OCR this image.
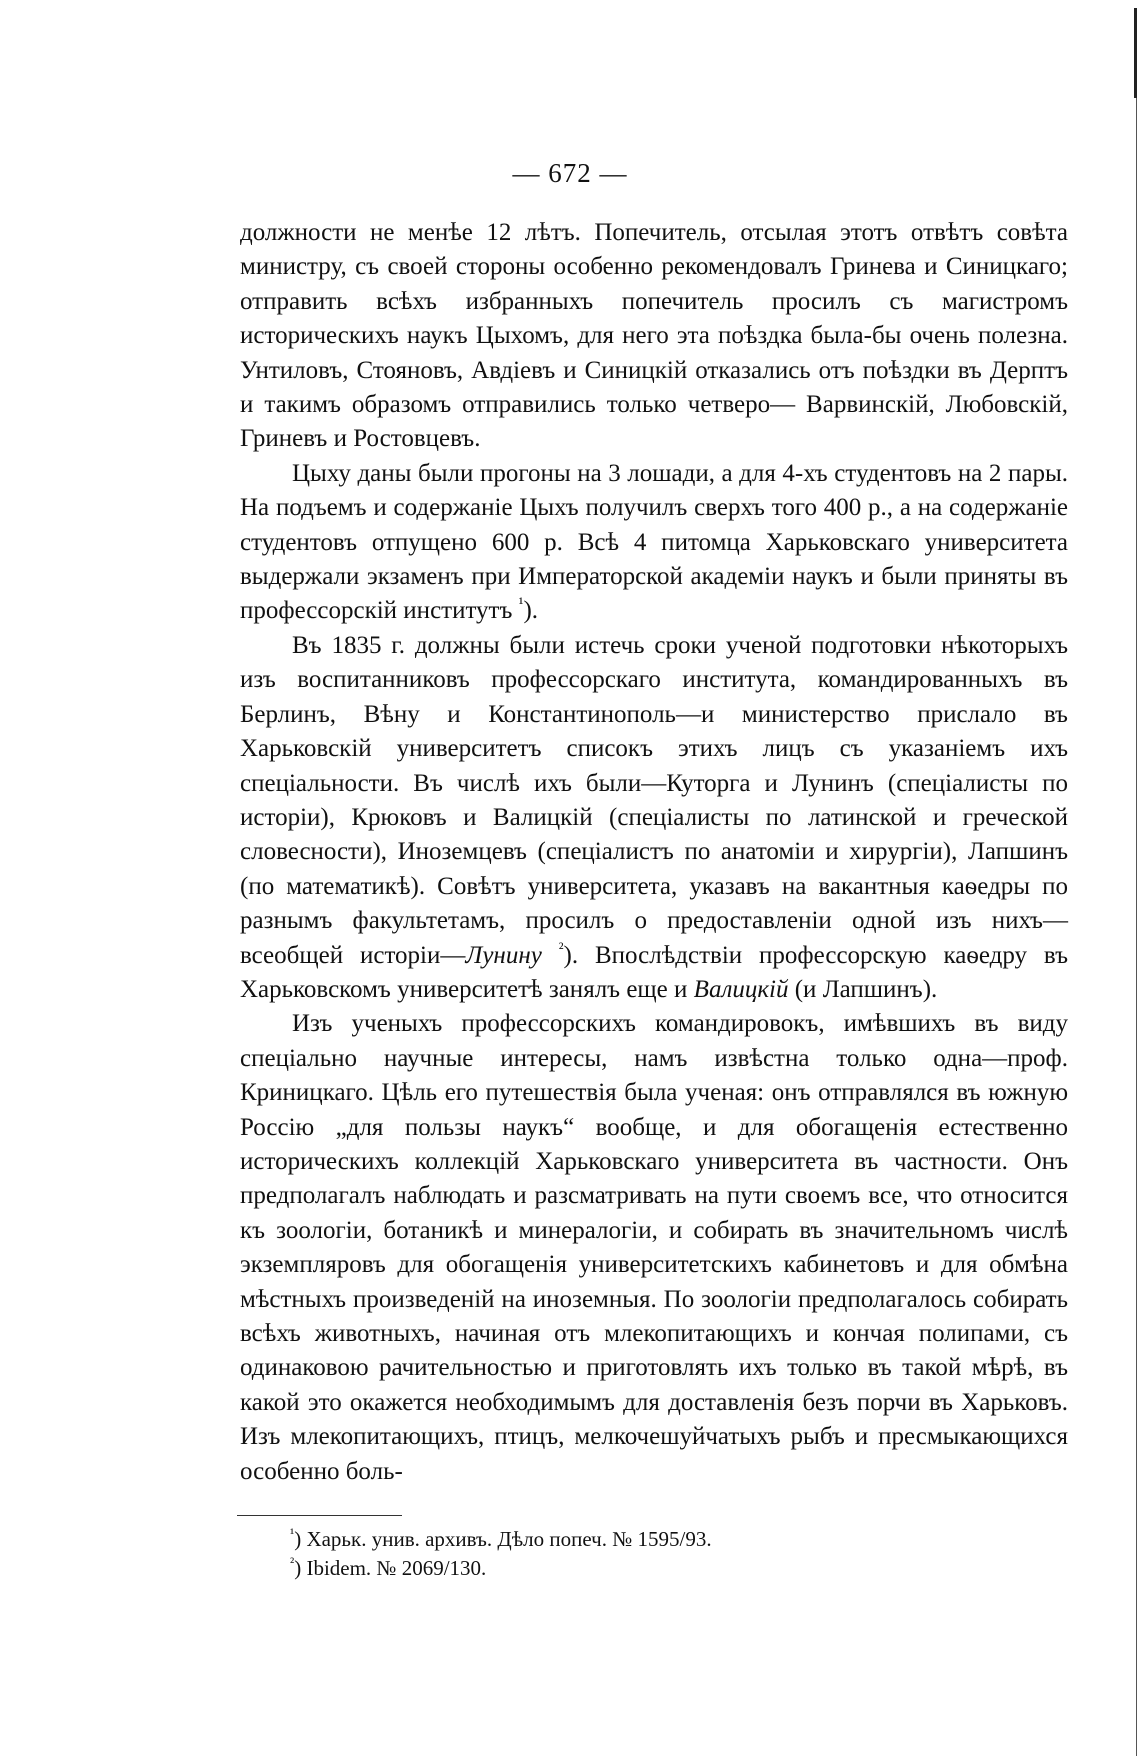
— 672 —

должности не менѣе 12 лѣтъ. Попечитель, отсылая этотъ отвѣтъ совѣта министру, съ своей стороны особенно рекомендовалъ Гринева и Синицкаго; отправить всѣхъ избранныхъ попечитель просилъ съ магистромъ историческихъ наукъ Цыхомъ, для него эта поѣздка была-бы очень полезна. Унтиловъ, Стояновъ, Авдіевъ и Синицкій отказались отъ поѣздки въ Дерптъ и такимъ образомъ отправились только четверо— Варвинскій, Любовскій, Гриневъ и Ростовцевъ.

Цыху даны были прогоны на 3 лошади, а для 4-хъ студентовъ на 2 пары. На подъемъ и содержаніе Цыхъ получилъ сверхъ того 400 р., а на содержаніе студентовъ отпущено 600 р. Всѣ 4 питомца Харьковскаго университета выдержали экзаменъ при Императорской академіи наукъ и были приняты въ профессорскій институтъ $^{^1}$).

Въ 1835 г. должны были истечь сроки ученой подготовки нѣкоторыхъ изъ воспитанниковъ профессорскаго института, командированныхъ въ Берлинъ, Вѣну и Константинополь—и министерство прислало въ Харьковскій университетъ списокъ этихъ лицъ съ указаніемъ ихъ спеціальности. Въ числѣ ихъ были—Куторга и Лунинъ (спеціалисты по исторіи), Крюковъ и Валицкій (спеціалисты по латинской и греческой словесности), Иноземцевъ (спеціалистъ по анатоміи и хирургіи), Лапшинъ (по математикѣ). Совѣтъ университета, указавъ на вакантныя каѳедры по разнымъ факультетамъ, просилъ о предоставленіи одной изъ нихъ—всеобщей исторіи—Лунину $^{^2}$). Впослѣдствіи профессорскую каѳедру въ Харьковскомъ университетѣ занялъ еще и Валицкій (и Лапшинъ).

Изъ ученыхъ профессорскихъ командировокъ, имѣвшихъ въ виду спеціально научные интересы, намъ извѣстна только одна—проф. Криницкаго. Цѣль его путешествія была ученая: онъ отправлялся въ южную Россію „для пользы наукъ“ вообще, и для обогащенія естественно историческихъ коллекцій Харьковскаго университета въ частности. Онъ предполагалъ наблюдать и разсматривать на пути своемъ все, что относится къ зоологіи, ботаникѣ и минералогіи, и собирать въ значительномъ числѣ экземпляровъ для обогащенія университетскихъ кабинетовъ и для обмѣна мѣстныхъ произведеній на иноземныя. По зоологіи предполагалось собирать всѣхъ животныхъ, начиная отъ млекопитающихъ и кончая полипами, съ одинаковою рачительностью и приготовлять ихъ только въ такой мѣрѣ, въ какой это окажется необходимымъ для доставленія безъ порчи въ Харьковъ. Изъ млекопитающихъ, птицъ, мелкочешуйчатыхъ рыбъ и пресмыкающихся особенно боль-

$^{^1}$) Харьк. унив. архивъ. Дѣло попеч. № 1595/93.
$^{^2}$) Ibidem. № 2069/130.
